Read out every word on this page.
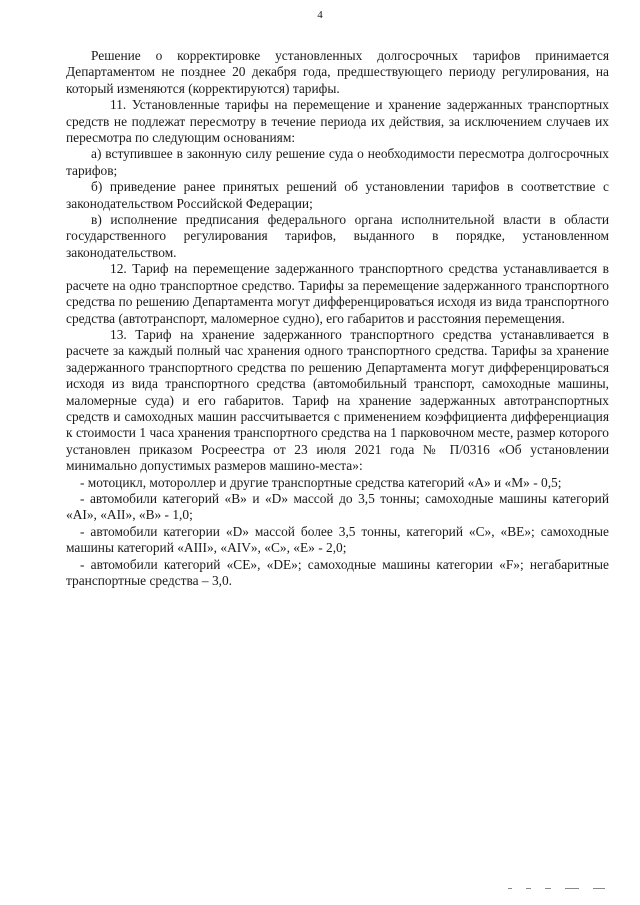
4

Решение о корректировке установленных долгосрочных тарифов принимается Департаментом не позднее 20 декабря года, предшествующего периоду регулирования, на который изменяются (корректируются) тарифы.

11. Установленные тарифы на перемещение и хранение задержанных транспортных средств не подлежат пересмотру в течение периода их действия, за исключением случаев их пересмотра по следующим основаниям:

а) вступившее в законную силу решение суда о необходимости пересмотра долгосрочных тарифов;

б) приведение ранее принятых решений об установлении тарифов в соответствие с законодательством Российской Федерации;

в) исполнение предписания федерального органа исполнительной власти в области государственного регулирования тарифов, выданного в порядке, установленном законодательством.

12. Тариф на перемещение задержанного транспортного средства устанавливается в расчете на одно транспортное средство. Тарифы за перемещение задержанного транспортного средства по решению Департамента могут дифференцироваться исходя из вида транспортного средства (автотранспорт, маломерное судно), его габаритов и расстояния перемещения.

13. Тариф на хранение задержанного транспортного средства устанавливается в расчете за каждый полный час хранения одного транспортного средства. Тарифы за хранение задержанного транспортного средства по решению Департамента могут дифференцироваться исходя из вида транспортного средства (автомобильный транспорт, самоходные машины, маломерные суда) и его габаритов. Тариф на хранение задержанных автотранспортных средств и самоходных машин рассчитывается с применением коэффициента дифференциация к стоимости 1 часа хранения транспортного средства на 1 парковочном месте, размер которого установлен приказом Росреестра от 23 июля 2021 года № П/0316 «Об установлении минимально допустимых размеров машино-места»:

- мотоцикл, мотороллер и другие транспортные средства категорий «А» и «М» - 0,5;

- автомобили категорий «В» и «D» массой до 3,5 тонны; самоходные машины категорий «AI», «AII», «В» - 1,0;

- автомобили категории «D» массой более 3,5 тонны, категорий «С», «ВЕ»; самоходные машины категорий «AIII», «AIV», «С», «Е» - 2,0;

- автомобили категорий «СЕ», «DE»; самоходные машины категории «F»; негабаритные транспортные средства – 3,0.
